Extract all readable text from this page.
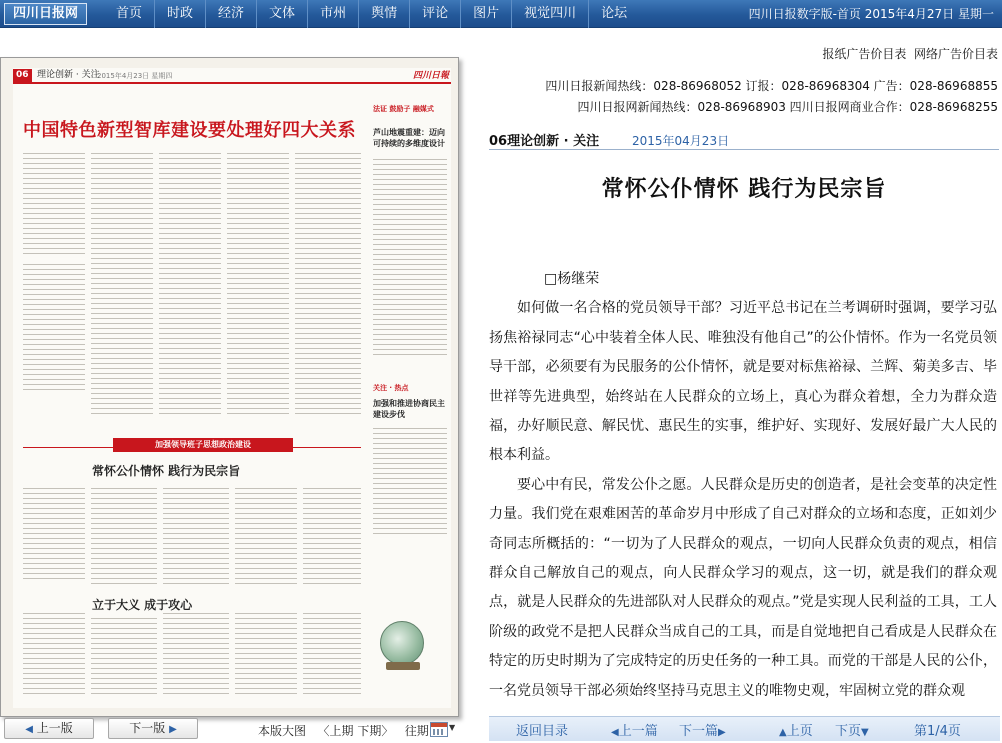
四川日报网	首页	时政	经济	文体	市州	舆情	评论	图片	视觉四川	论坛	四川日报数字版-首页 2015年4月27日 星期一
06 理论创新 · 关注
2015年4月23日 星期四	四川日報
中国特色新型智库建设要处理好四大关系
法证 鼓励子 融媒式
芦山地震重建：迈向可持续的多维度设计
关注 · 热点
加强和推进协商民主建设步伐
加强领导班子思想政治建设
常怀公仆情怀 践行为民宗旨
立于大义 成于攻心
◀ 上一版	下一版 ▶	本版大图 〈上期 下期〉 往期	▼
报纸广告价目表 网络广告价目表
四川日报新闻热线：028-86968052 订报：028-86968304 广告：028-86968855
四川日报网新闻热线：028-86968903 四川日报网商业合作：028-86968255
06理论创新 · 关注	2015年04月23日
常怀公仆情怀 践行为民宗旨

□杨继荣

如何做一名合格的党员领导干部？习近平总书记在兰考调研时强调，要学习弘扬焦裕禄同志“心中装着全体人民、唯独没有他自己”的公仆情怀。作为一名党员领导干部，必须要有为民服务的公仆情怀，就是要对标焦裕禄、兰辉、菊美多吉、毕世祥等先进典型，始终站在人民群众的立场上，真心为群众着想，全力为群众造福，办好顺民意、解民忧、惠民生的实事，维护好、实现好、发展好最广大人民的根本利益。

要心中有民，常发公仆之愿。人民群众是历史的创造者，是社会变革的决定性力量。我们党在艰难困苦的革命岁月中形成了自己对群众的立场和态度，正如刘少奇同志所概括的：“一切为了人民群众的观点，一切向人民群众负责的观点，相信群众自己解放自己的观点，向人民群众学习的观点，这一切，就是我们的群众观点，就是人民群众的先进部队对人民群众的观点。”党是实现人民利益的工具，工人阶级的政党不是把人民群众当成自己的工具，而是自觉地把自己看成是人民群众在特定的历史时期为了完成特定的历史任务的一种工具。而党的干部是人民的公仆，一名党员领导干部必须始终坚持马克思主义的唯物史观，牢固树立党的群众观

返回目录	◀上一篇 下一篇▶	▲上页 下页▼	第1/4页
